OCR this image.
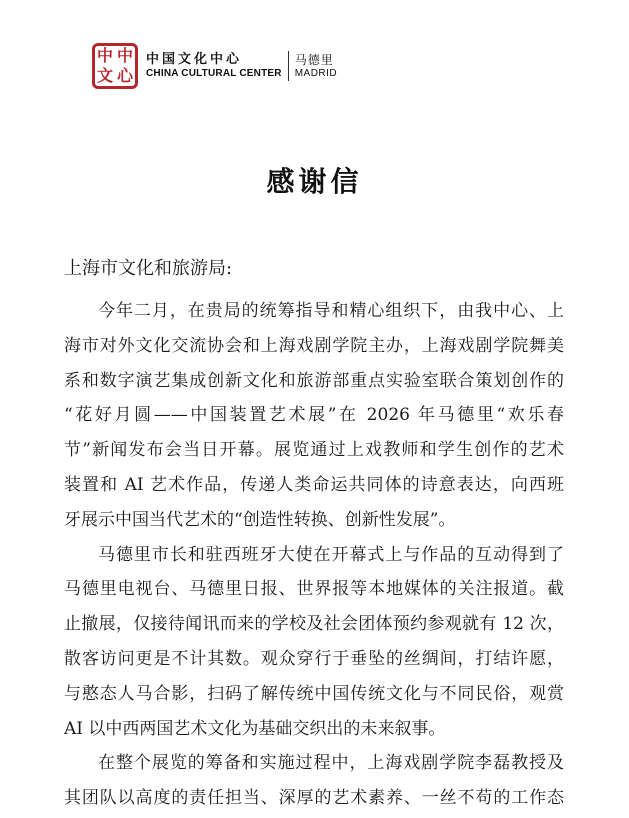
中 中
文 心
中国文化中心
CHINA CULTURAL CENTER
马德里
MADRID
感谢信
上海市文化和旅游局:
今年二月，在贵局的统筹指导和精心组织下，由我中心、上
海市对外文化交流协会和上海戏剧学院主办，上海戏剧学院舞美
系和数字演艺集成创新文化和旅游部重点实验室联合策划创作的
“花好月圆——中国装置艺术展”在 2026 年马德里“欢乐春
节”新闻发布会当日开幕。展览通过上戏教师和学生创作的艺术
装置和 AI 艺术作品，传递人类命运共同体的诗意表达，向西班
牙展示中国当代艺术的“创造性转换、创新性发展”。
马德里市长和驻西班牙大使在开幕式上与作品的互动得到了
马德里电视台、马德里日报、世界报等本地媒体的关注报道。截
止撤展，仅接待闻讯而来的学校及社会团体预约参观就有 12 次，
散客访问更是不计其数。观众穿行于垂坠的丝绸间，打结许愿，
与憨态人马合影，扫码了解传统中国传统文化与不同民俗，观赏
AI 以中西两国艺术文化为基础交织出的未来叙事。
在整个展览的筹备和实施过程中，上海戏剧学院李磊教授及
其团队以高度的责任担当、深厚的艺术素养、一丝不苟的工作态
